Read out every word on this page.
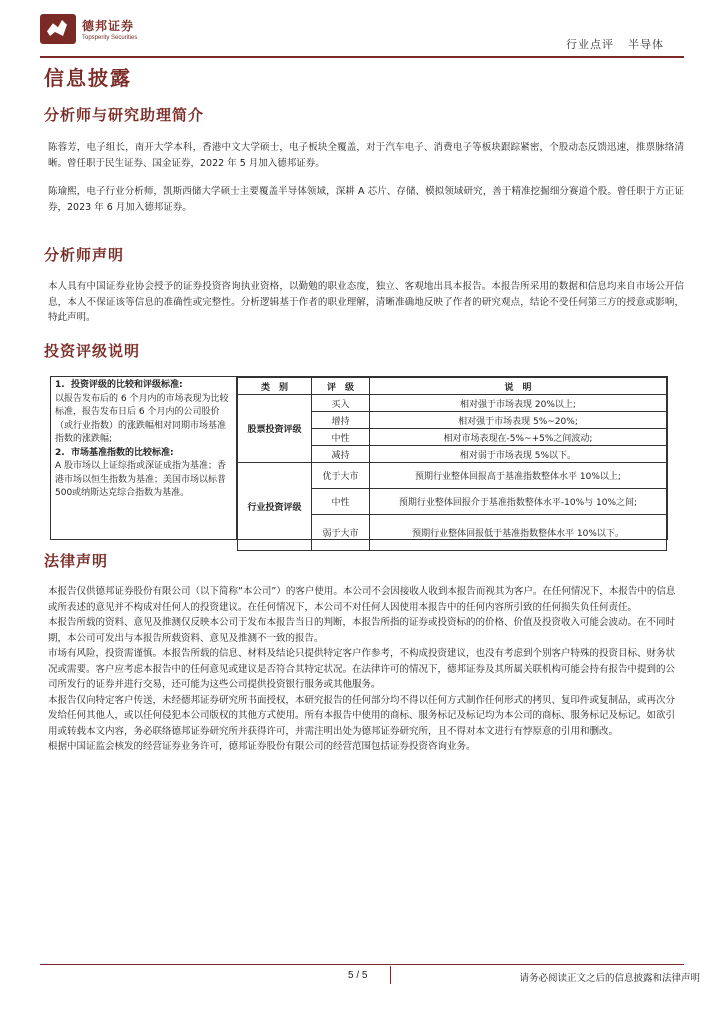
德邦证券
Topsperity Securities	行业点评 半导体
信息披露
分析师与研究助理简介
陈蓉芳，电子组长，南开大学本科，香港中文大学硕士，电子板块全覆盖，对于汽车电子、消费电子等板块跟踪紧密，个股动态反馈迅速，推票脉络清晰。曾任职于民生证券、国金证券，2022 年 5 月加入德邦证券。
陈瑜熙，电子行业分析师，凯斯西储大学硕士主要覆盖半导体领域，深耕 A 芯片、存储、模拟领域研究，善于精准挖掘细分赛道个股。曾任职于方正证券，2023 年 6 月加入德邦证券。
分析师声明
本人具有中国证券业协会授予的证券投资咨询执业资格，以勤勉的职业态度，独立、客观地出具本报告。本报告所采用的数据和信息均来自市场公开信息，本人不保证该等信息的准确性或完整性。分析逻辑基于作者的职业理解，清晰准确地反映了作者的研究观点，结论不受任何第三方的授意或影响，特此声明。
投资评级说明
1.  投资评级的比较和评级标准:
以报告发布后的 6 个月内的市场表现为比较标准，报告发布日后 6 个月内的公司股价（或行业指数）的涨跌幅相对同期市场基准指数的涨跌幅;
2.  市场基准指数的比较标准:
A 股市场以上证综指或深证成指为基准；香港市场以恒生指数为基准；美国市场以标普500或纳斯达克综合指数为基准。
类　别	评　级	说　明
股票投资评级	买入	相对强于市场表现 20%以上;
	增持	相对强于市场表现 5%~20%;
	中性	相对市场表现在-5%~+5%之间波动;
	减持	相对弱于市场表现 5%以下。
行业投资评级	优于大市	预期行业整体回报高于基准指数整体水平 10%以上;
	中性	预期行业整体回报介于基准指数整体水平-10%与 10%之间;
	弱于大市	预期行业整体回报低于基准指数整体水平 10%以下。
法律声明
本报告仅供德邦证券股份有限公司（以下简称“本公司”）的客户使用。本公司不会因接收人收到本报告而视其为客户。在任何情况下，本报告中的信息或所表述的意见并不构成对任何人的投资建议。在任何情况下，本公司不对任何人因使用本报告中的任何内容所引致的任何损失负任何责任。
本报告所载的资料、意见及推测仅反映本公司于发布本报告当日的判断，本报告所指的证券或投资标的的价格、价值及投资收入可能会波动。在不同时期，本公司可发出与本报告所载资料、意见及推测不一致的报告。
市场有风险，投资需谨慎。本报告所载的信息、材料及结论只提供特定客户作参考，不构成投资建议，也没有考虑到个别客户特殊的投资目标、财务状况或需要。客户应考虑本报告中的任何意见或建议是否符合其特定状况。在法律许可的情况下，德邦证券及其所属关联机构可能会持有报告中提到的公司所发行的证券并进行交易，还可能为这些公司提供投资银行服务或其他服务。
本报告仅向特定客户传送，未经德邦证券研究所书面授权，本研究报告的任何部分均不得以任何方式制作任何形式的拷贝、复印件或复制品，或再次分发给任何其他人，或以任何侵犯本公司版权的其他方式使用。所有本报告中使用的商标、服务标记及标记均为本公司的商标、服务标记及标记。如欲引用或转载本文内容，务必联络德邦证券研究所并获得许可，并需注明出处为德邦证券研究所，且不得对本文进行有悖原意的引用和删改。
根据中国证监会核发的经营证券业务许可，德邦证券股份有限公司的经营范围包括证券投资咨询业务。
5 / 5	请务必阅读正文之后的信息披露和法律声明
